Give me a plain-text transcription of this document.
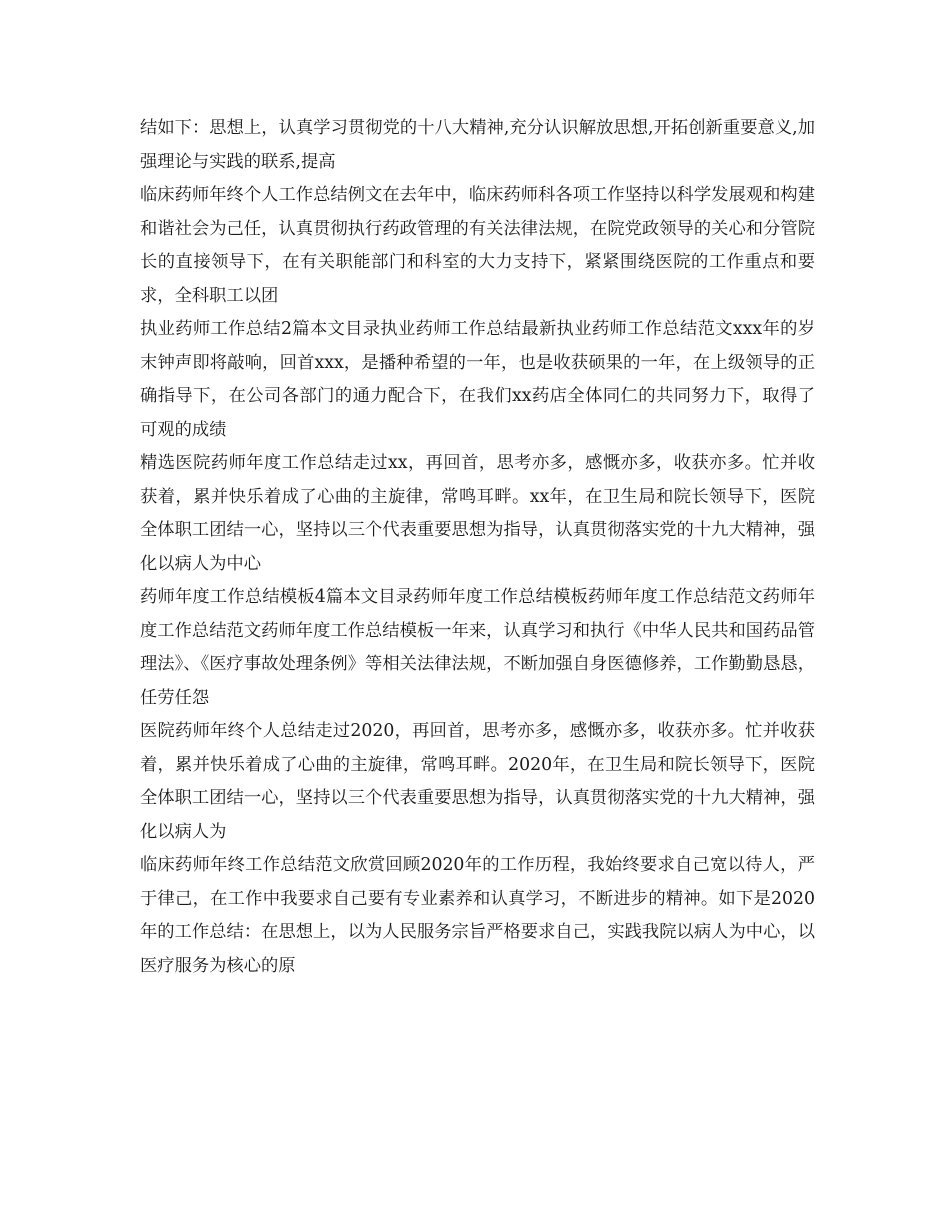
结如下：思想上，认真学习贯彻党的十八大精神,充分认识解放思想,开拓创新重要意义,加强理论与实践的联系,提高

临床药师年终个人工作总结例文在去年中，临床药师科各项工作坚持以科学发展观和构建和谐社会为己任，认真贯彻执行药政管理的有关法律法规，在院党政领导的关心和分管院长的直接领导下，在有关职能部门和科室的大力支持下，紧紧围绕医院的工作重点和要求，全科职工以团

执业药师工作总结2篇本文目录执业药师工作总结最新执业药师工作总结范文xxx年的岁末钟声即将敲响，回首xxx，是播种希望的一年，也是收获硕果的一年，在上级领导的正确指导下，在公司各部门的通力配合下，在我们xx药店全体同仁的共同努力下，取得了可观的成绩

精选医院药师年度工作总结走过xx，再回首，思考亦多，感慨亦多，收获亦多。忙并收获着，累并快乐着成了心曲的主旋律，常鸣耳畔。xx年，在卫生局和院长领导下，医院全体职工团结一心，坚持以三个代表重要思想为指导，认真贯彻落实党的十九大精神，强化以病人为中心

药师年度工作总结模板4篇本文目录药师年度工作总结模板药师年度工作总结范文药师年度工作总结范文药师年度工作总结模板一年来，认真学习和执行《中华人民共和国药品管理法》、《医疗事故处理条例》等相关法律法规，不断加强自身医德修养，工作勤勤恳恳，任劳任怨

医院药师年终个人总结走过2020，再回首，思考亦多，感慨亦多，收获亦多。忙并收获着，累并快乐着成了心曲的主旋律，常鸣耳畔。2020年，在卫生局和院长领导下，医院全体职工团结一心，坚持以三个代表重要思想为指导，认真贯彻落实党的十九大精神，强化以病人为

临床药师年终工作总结范文欣赏回顾2020年的工作历程，我始终要求自己宽以待人，严于律己，在工作中我要求自己要有专业素养和认真学习，不断进步的精神。如下是2020年的工作总结：在思想上，以为人民服务宗旨严格要求自己，实践我院以病人为中心，以医疗服务为核心的原
